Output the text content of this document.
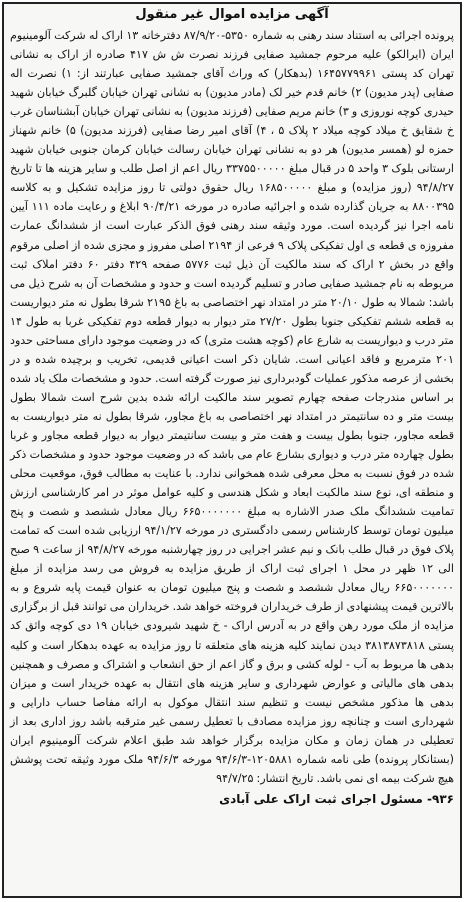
آگهی مزایده اموال غیر منقول

پرونده اجرائی به استناد سند رهنی به شماره ۵۳۵۰-۸۷/۹/۲۰ دفترخانه ۱۳ اراک له شرکت آلومینیوم ایران (ایرالکو) علیه مرحوم جمشید صفایی فرزند نصرت ش ش ۴۱۷ صادره از اراک به نشانی تهران کد پستی ۱۶۴۵۷۷۹۹۶۱ (بدهکار) که وراث آقای جمشید صفایی عبارتند از: ۱) نصرت اله صفایی (پدر مدیون) ۲) خانم قدم خیر لک (مادر مدیون) به نشانی تهران خیابان گلبرگ خیابان شهید حیدری کوچه نوروزی و ۳) خانم مریم صفایی (فرزند مدیون) به نشانی تهران خیابان آبشناسان غرب خ شقایق خ میلاد کوچه میلاد ۲ پلاک ۵ ، ۴) آقای امیر رضا صفایی (فرزند مدیون) ۵) خانم شهناز حمزه لو (همسر مدیون) هر دو به نشانی تهران خیابان رسالت خیابان کرمان جنوبی خیابان شهید ارستانی بلوک ۳ واحد ۵ در قبال مبلغ ۳۳۷۵۵۰۰۰۰۰ ریال اعم از اصل طلب و سایر هزینه ها تا تاریخ ۹۴/۸/۲۷ (روز مزایده) و مبلغ ۱۶۸۵۰۰۰۰۰ ریال حقوق دولتی تا روز مزایده تشکیل و به کلاسه ۸۸۰۰۳۹۵ به جریان گذارده شده و اجرائیه صادره در مورخه ۹۰/۴/۲۱ ابلاغ و رعایت ماده ۱۱۱ آیین نامه اجرا نیز گردیده است. مورد وثیقه سند رهنی فوق الذکر عبارت است از ششدانگ عمارت مفروزه ی قطعه ی اول تفکیکی پلاک ۹ فرعی از ۲۱۹۴ اصلی مفروز و مجزی شده از اصلی مرقوم واقع در بخش ۲ اراک که سند مالکیت آن ذیل ثبت ۵۷۷۶ صفحه ۴۲۹ دفتر ۶۰ دفتر املاک ثبت مربوطه به نام جمشید صفایی صادر و تسلیم گردیده است و حدود و مشخصات آن به شرح ذیل می باشد: شمالا به طول ۲۰/۱۰ متر در امتداد نهر اختصاصی به باغ ۲۱۹۵ شرقا بطول نه متر دیواریست به قطعه ششم تفکیکی جنوبا بطول ۲۷/۲۰ متر دیوار به دیوار قطعه دوم تفکیکی غربا به طول ۱۴ متر درب و دیواریست به شارع عام (کوچه هشت متری) که در وضعیت موجود دارای مساحتی حدود ۲۰۱ مترمربع و فاقد اعیانی است. شایان ذکر است اعیانی قدیمی، تخریب و برچیده شده و در بخشی از عرصه مذکور عملیات گودبرداری نیز صورت گرفته است. حدود و مشخصات ملک یاد شده بر اساس مندرجات صفحه چهارم تصویر سند مالکیت ارائه شده بدین شرح است شمالا بطول بیست متر و ده سانتیمتر در امتداد نهر اختصاصی به باغ مجاور، شرقا بطول نه متر دیواریست به قطعه مجاور، جنوبا بطول بیست و هفت متر و بیست سانتیمتر دیوار به دیوار قطعه مجاور و غربا بطول چهارده متر درب و دیواری بشارع عام می باشد که در وضعیت موجود حدود و مشخصات ذکر شده در فوق نسبت به محل معرفی شده همخوانی ندارد. با عنایت به مطالب فوق، موقعیت محلی و منطقه ای، نوع سند مالکیت ابعاد و شکل هندسی و کلیه عوامل موثر در امر کارشناسی ارزش تمامیت ششدانگ ملک صدر الاشاره به مبلغ ۶۶۵۰۰۰۰۰۰۰ ریال معادل ششصد و شصت و پنج میلیون تومان توسط کارشناس رسمی دادگستری در مورخه ۹۴/۱/۲۷ ارزیابی شده است که تمامت پلاک فوق در قبال طلب بانک و نیم عشر اجرایی در روز چهارشنبه مورخه ۹۴/۸/۲۷ از ساعت ۹ صبح الی ۱۲ ظهر در محل ۱ اجرای ثبت اراک از طریق مزایده به فروش می رسد مزایده از مبلغ ۶۶۵۰۰۰۰۰۰۰ ریال معادل ششصد و شصت و پنج میلیون تومان به عنوان قیمت پایه شروع و به بالاترین قیمت پیشنهادی از طرف خریداران فروخته خواهد شد. خریداران می توانند قبل از برگزاری مزایده از ملک مورد رهن واقع در به آدرس اراک - خ شهید شیرودی خیابان ۱۹ دی کوچه واثق کد پستی ۳۸۱۳۸۷۳۸۱۸ دیدن نمایند کلیه هزینه های متعلقه تا روز مزایده به عهده بدهکار است و کلیه بدهی ها مربوط به آب - لوله کشی و برق و گاز اعم از حق انشعاب و اشتراک و مصرف و همچنین بدهی های مالیاتی و عوارض شهرداری و سایر هزینه های انتقال به عهده خریدار است و میزان بدهی ها مذکور مشخص نیست و تنظیم سند انتقال موکول به ارائه مفاصا حساب دارایی و شهرداری است و چنانچه روز مزایده مصادف با تعطیل رسمی غیر مترقبه باشد روز اداری بعد از تعطیلی در همان زمان و مکان مزایده برگزار خواهد شد طبق اعلام شرکت آلومینیوم ایران (بستانکار پرونده) طی نامه شماره ۱۲۰۵۸۸۱-۹۴/۶/۳ مورخه ۹۴/۶/۳ ملک مورد وثیقه تحت پوشش هیچ شرکت بیمه ای نمی باشد. تاریخ انتشار: ۹۴/۷/۲۵

۹۳۶- مسئول اجرای ثبت اراک علی آبادی
